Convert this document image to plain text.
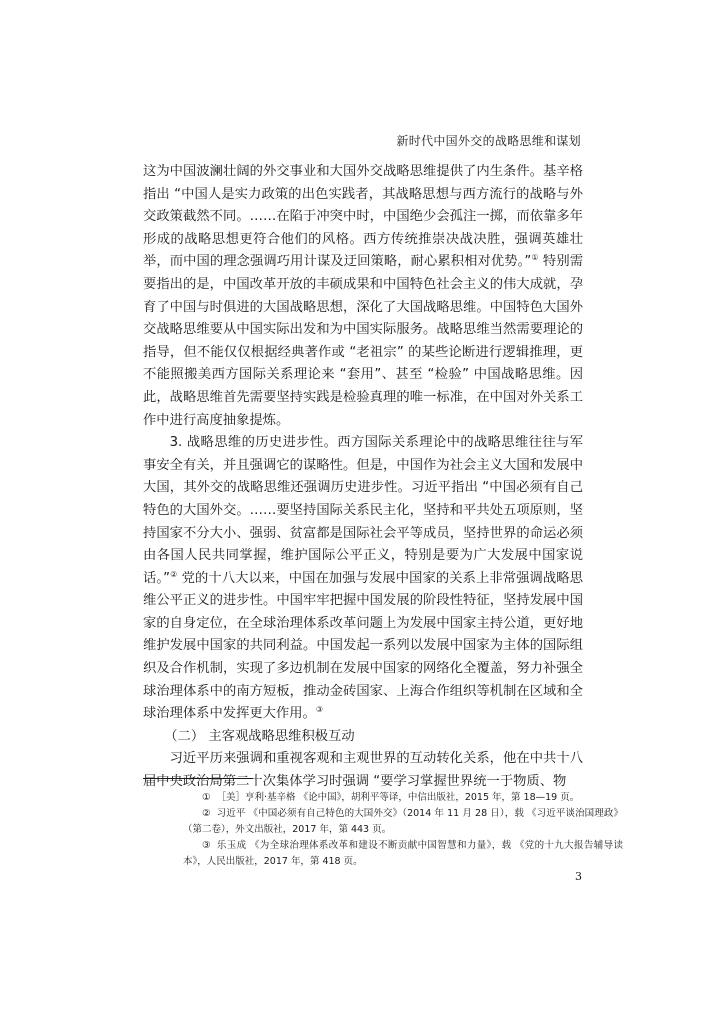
新时代中国外交的战略思维和谋划

这为中国波澜壮阔的外交事业和大国外交战略思维提供了内生条件。基辛格指出 “中国人是实力政策的出色实践者，其战略思想与西方流行的战略与外交政策截然不同。……在陷于冲突中时，中国绝少会孤注一掷，而依靠多年形成的战略思想更符合他们的风格。西方传统推崇决战决胜，强调英雄壮举，而中国的理念强调巧用计谋及迂回策略，耐心累积相对优势。”① 特别需要指出的是，中国改革开放的丰硕成果和中国特色社会主义的伟大成就，孕育了中国与时俱进的大国战略思想，深化了大国战略思维。中国特色大国外交战略思维要从中国实际出发和为中国实际服务。战略思维当然需要理论的指导，但不能仅仅根据经典著作或 “老祖宗” 的某些论断进行逻辑推理，更不能照搬美西方国际关系理论来 “套用”、甚至 “检验” 中国战略思维。因此，战略思维首先需要坚持实践是检验真理的唯一标准，在中国对外关系工作中进行高度抽象提炼。

3. 战略思维的历史进步性。西方国际关系理论中的战略思维往往与军事安全有关，并且强调它的谋略性。但是，中国作为社会主义大国和发展中大国，其外交的战略思维还强调历史进步性。习近平指出 “中国必须有自己特色的大国外交。……要坚持国际关系民主化，坚持和平共处五项原则，坚持国家不分大小、强弱、贫富都是国际社会平等成员，坚持世界的命运必须由各国人民共同掌握，维护国际公平正义，特别是要为广大发展中国家说话。”② 党的十八大以来，中国在加强与发展中国家的关系上非常强调战略思维公平正义的进步性。中国牢牢把握中国发展的阶段性特征，坚持发展中国家的自身定位，在全球治理体系改革问题上为发展中国家主持公道，更好地维护发展中国家的共同利益。中国发起一系列以发展中国家为主体的国际组织及合作机制，实现了多边机制在发展中国家的网络化全覆盖，努力补强全球治理体系中的南方短板，推动金砖国家、上海合作组织等机制在区域和全球治理体系中发挥更大作用。③

（二） 主客观战略思维积极互动

习近平历来强调和重视客观和主观世界的互动转化关系，他在中共十八届中央政治局第二十次集体学习时强调 “要学习掌握世界统一于物质、物

① ［美］亨利·基辛格 《论中国》，胡利平等译，中信出版社，2015 年，第 18—19 页。
② 习近平 《中国必须有自己特色的大国外交》（2014 年 11 月 28 日），载 《习近平谈治国理政》（第二卷），外文出版社，2017 年，第 443 页。
③ 乐玉成 《为全球治理体系改革和建设不断贡献中国智慧和力量》，载 《党的十九大报告辅导读本》，人民出版社，2017 年，第 418 页。
3
